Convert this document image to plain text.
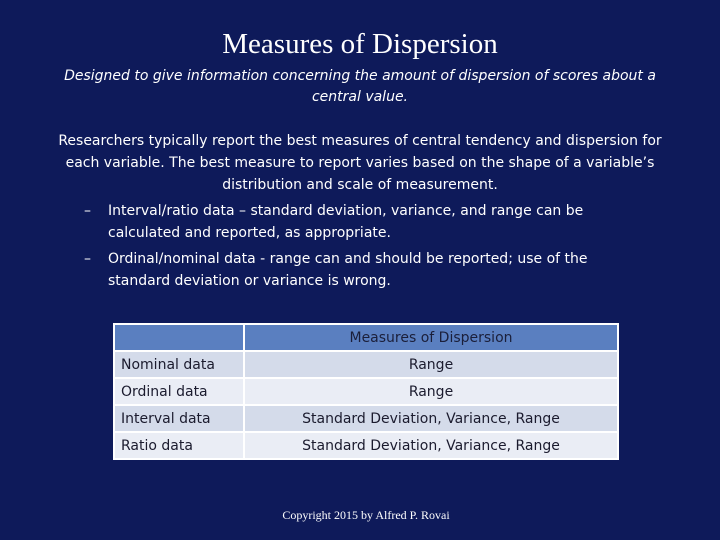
Measures of Dispersion
Designed to give information concerning the amount of dispersion of scores about a central value.
Researchers typically report the best measures of central tendency and dispersion for each variable. The best measure to report varies based on the shape of a variable’s distribution and scale of measurement.
– Interval/ratio data – standard deviation, variance, and range can be calculated and reported, as appropriate.
– Ordinal/nominal data - range can and should be reported; use of the standard deviation or variance is wrong.
	Measures of Dispersion
Nominal data	Range
Ordinal data	Range
Interval data	Standard Deviation, Variance, Range
Ratio data	Standard Deviation, Variance, Range
Copyright 2015 by Alfred P. Rovai
